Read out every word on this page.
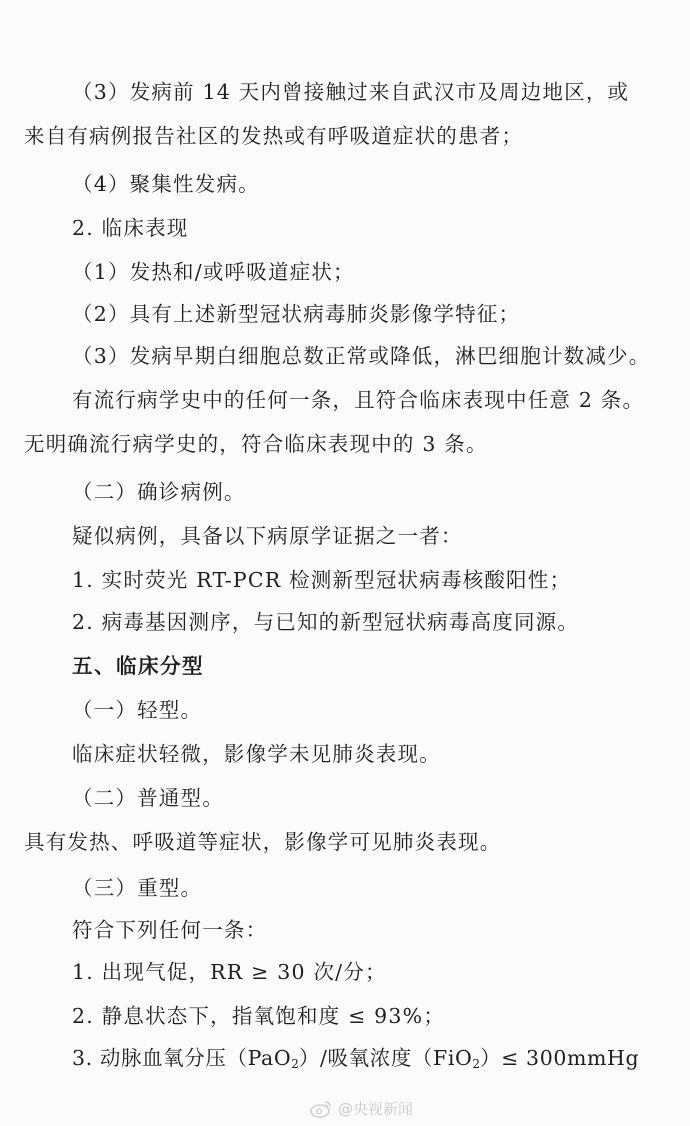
（3）发病前 14 天内曾接触过来自武汉市及周边地区，或
来自有病例报告社区的发热或有呼吸道症状的患者；
（4）聚集性发病。
2. 临床表现
（1）发热和/或呼吸道症状；
（2）具有上述新型冠状病毒肺炎影像学特征；
（3）发病早期白细胞总数正常或降低，淋巴细胞计数减少。
有流行病学史中的任何一条，且符合临床表现中任意 2 条。
无明确流行病学史的，符合临床表现中的 3 条。
（二）确诊病例。
疑似病例，具备以下病原学证据之一者：
1. 实时荧光 RT-PCR 检测新型冠状病毒核酸阳性；
2. 病毒基因测序，与已知的新型冠状病毒高度同源。
五、临床分型
（一）轻型。
临床症状轻微，影像学未见肺炎表现。
（二）普通型。
具有发热、呼吸道等症状，影像学可见肺炎表现。
（三）重型。
符合下列任何一条：
1. 出现气促，RR ≥ 30 次/分；
2. 静息状态下，指氧饱和度 ≤ 93%；
3. 动脉血氧分压（PaO$_2$）/吸氧浓度（FiO$_2$）≤ 300mmHg
@央视新闻
